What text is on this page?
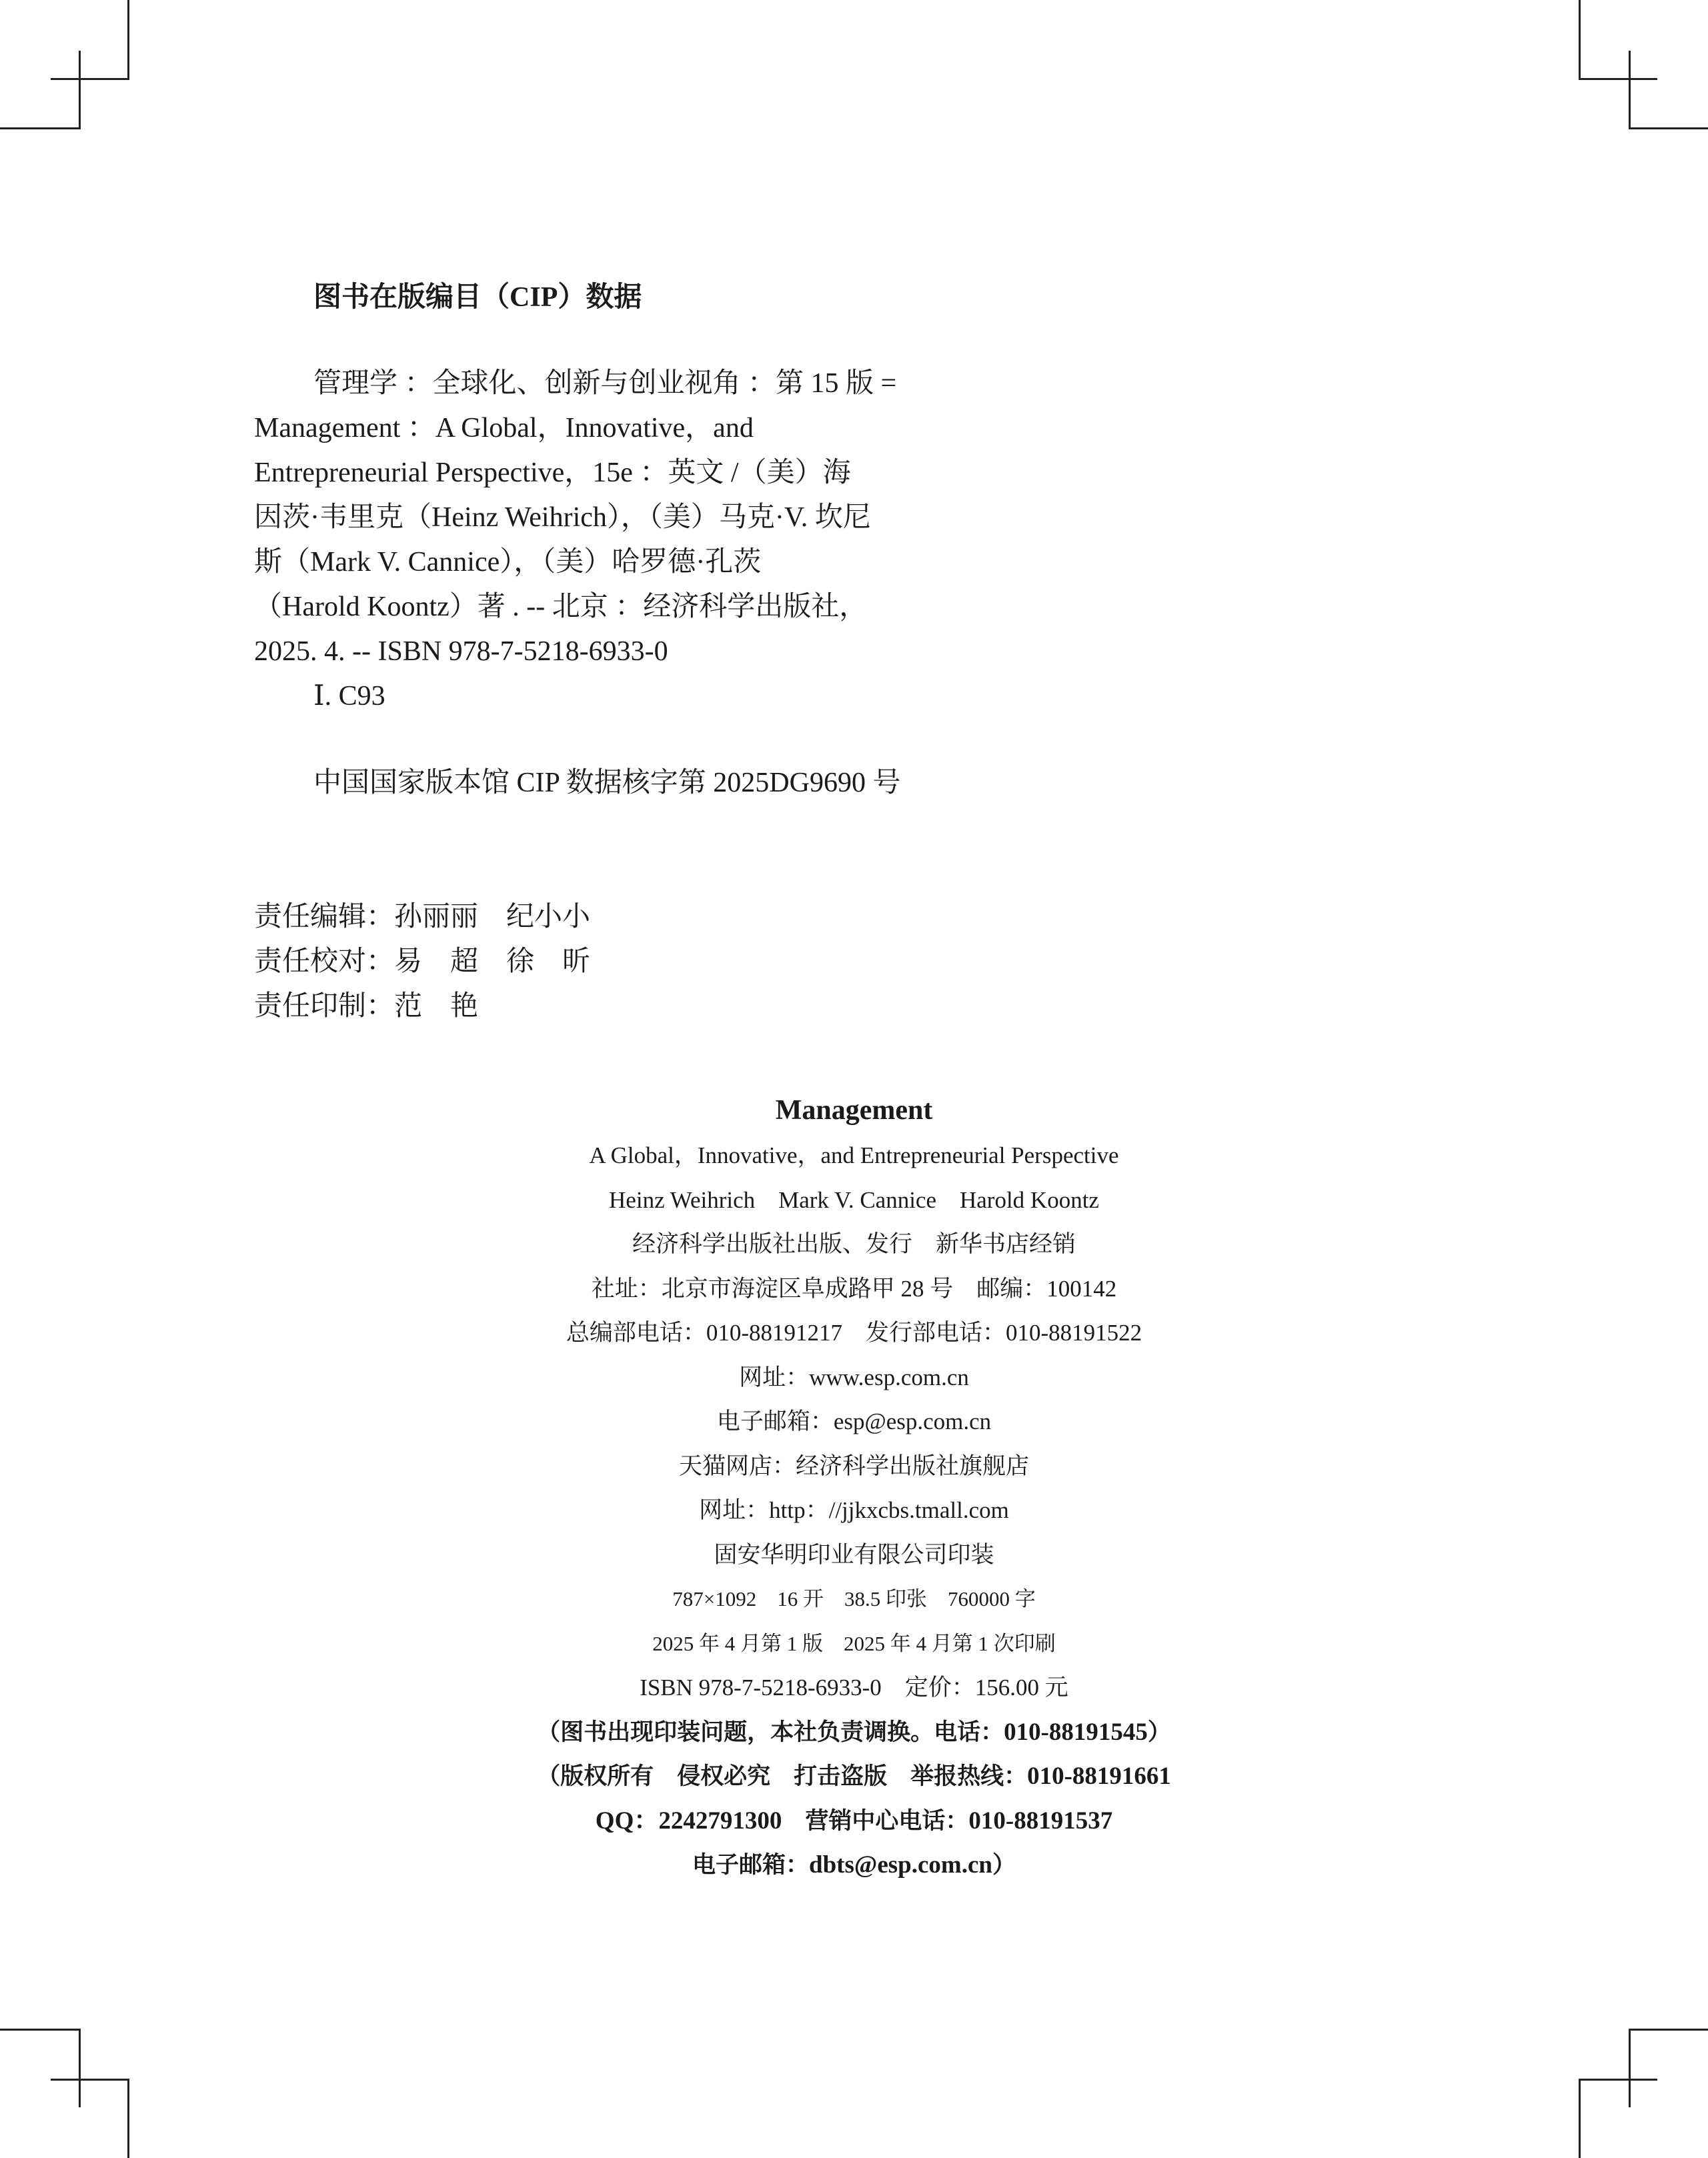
图书在版编目（CIP）数据
管理学 ：全球化、创新与创业视角 ：第 15 版 =
Management ：A Global，Innovative，and
Entrepreneurial Perspective，15e ：英文 /（美）海
因茨·韦里克（Heinz Weihrich），（美）马克·V. 坎尼
斯（Mark V. Cannice），（美）哈罗德·孔茨
（Harold Koontz）著 . -- 北京 ：经济科学出版社，
2025. 4. -- ISBN 978-7-5218-6933-0
Ⅰ. C93
中国国家版本馆 CIP 数据核字第 2025DG9690 号
责任编辑：孙丽丽　纪小小
责任校对：易　超　徐　昕
责任印制：范　艳
Management
A Global，Innovative，and Entrepreneurial Perspective
Heinz Weihrich　Mark V. Cannice　Harold Koontz
经济科学出版社出版、发行　新华书店经销
社址：北京市海淀区阜成路甲 28 号　邮编：100142
总编部电话：010-88191217　发行部电话：010-88191522
网址：www.esp.com.cn
电子邮箱：esp@esp.com.cn
天猫网店：经济科学出版社旗舰店
网址：http：//jjkxcbs.tmall.com
固安华明印业有限公司印装
787×1092　16 开　38.5 印张　760000 字
2025 年 4 月第 1 版　2025 年 4 月第 1 次印刷
ISBN 978-7-5218-6933-0　定价：156.00 元
（图书出现印装问题，本社负责调换。电话：010-88191545）
（版权所有　侵权必究　打击盗版　举报热线：010-88191661
QQ：2242791300　营销中心电话：010-88191537
电子邮箱：dbts@esp.com.cn）
